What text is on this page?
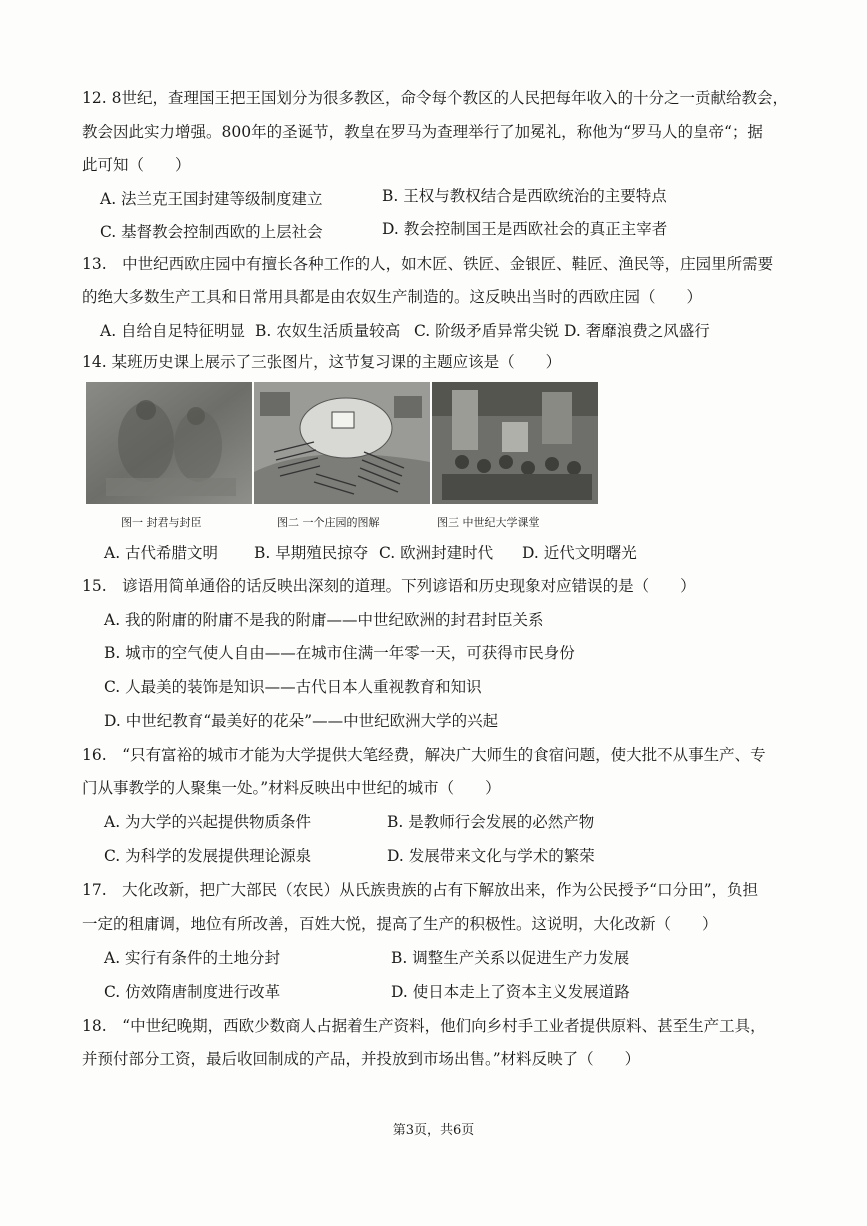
12. 8世纪，查理国王把王国划分为很多教区，命令每个教区的人民把每年收入的十分之一贡献给教会，
教会因此实力增强。800年的圣诞节，教皇在罗马为查理举行了加冕礼，称他为“罗马人的皇帝“；据
此可知（　　）
A. 法兰克王国封建等级制度建立	B. 王权与教权结合是西欧统治的主要特点
C. 基督教会控制西欧的上层社会	D. 教会控制国王是西欧社会的真正主宰者
13.　中世纪西欧庄园中有擅长各种工作的人，如木匠、铁匠、金银匠、鞋匠、渔民等，庄园里所需要
的绝大多数生产工具和日常用具都是由农奴生产制造的。这反映出当时的西欧庄园（　　）
A. 自给自足特征明显 B. 农奴生活质量较高 C. 阶级矛盾异常尖锐 D. 奢靡浪费之风盛行
14. 某班历史课上展示了三张图片，这节复习课的主题应该是（　　）
图一 封君与封臣	图二 一个庄园的图解	图三 中世纪大学课堂
A. 古代希腊文明 B. 早期殖民掠夺 C. 欧洲封建时代 D. 近代文明曙光
15.　谚语用简单通俗的话反映出深刻的道理。下列谚语和历史现象对应错误的是（　　）
A. 我的附庸的附庸不是我的附庸——中世纪欧洲的封君封臣关系
B. 城市的空气使人自由——在城市住满一年零一天，可获得市民身份
C. 人最美的装饰是知识——古代日本人重视教育和知识
D. 中世纪教育“最美好的花朵”——中世纪欧洲大学的兴起
16.　“只有富裕的城市才能为大学提供大笔经费，解决广大师生的食宿问题，使大批不从事生产、专
门从事教学的人聚集一处。”材料反映出中世纪的城市（　　）
A. 为大学的兴起提供物质条件	B. 是教师行会发展的必然产物
C. 为科学的发展提供理论源泉	D. 发展带来文化与学术的繁荣
17.　大化改新，把广大部民（农民）从氏族贵族的占有下解放出来，作为公民授予“口分田”，负担
一定的租庸调，地位有所改善，百姓大悦，提高了生产的积极性。这说明，大化改新（　　）
A. 实行有条件的土地分封	B. 调整生产关系以促进生产力发展
C. 仿效隋唐制度进行改革	D. 使日本走上了资本主义发展道路
18.　“中世纪晚期，西欧少数商人占据着生产资料，他们向乡村手工业者提供原料、甚至生产工具，
并预付部分工资，最后收回制成的产品，并投放到市场出售。”材料反映了（　　）
第3页，共6页
